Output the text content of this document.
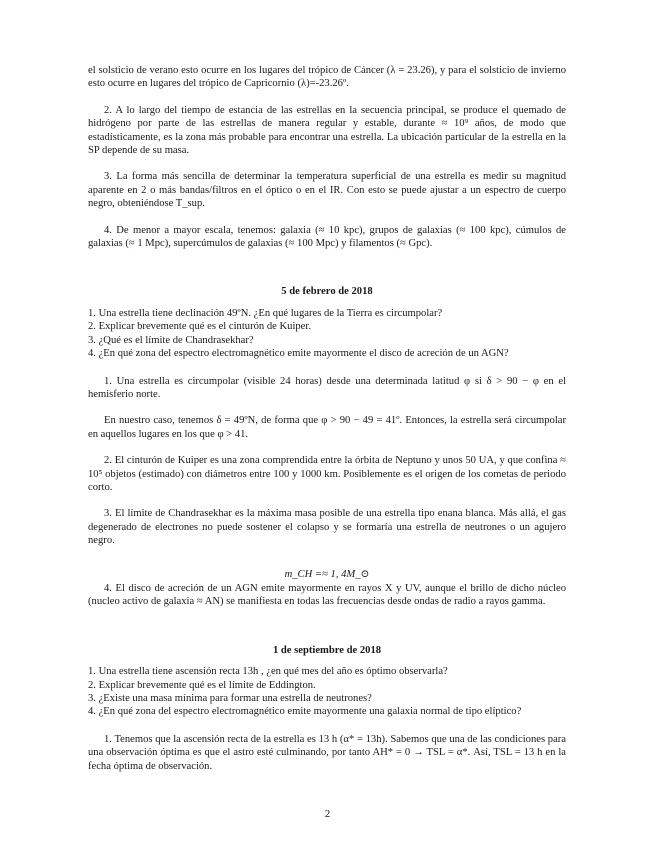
el solsticio de verano esto ocurre en los lugares del trópico de Cáncer (λ = 23.26), y para el solsticio de invierno esto ocurre en lugares del trópico de Capricornio (λ)=-23.26º.

2. A lo largo del tiempo de estancia de las estrellas en la secuencia principal, se produce el quemado de hidrógeno por parte de las estrellas de manera regular y estable, durante ≈ 10⁹ años, de modo que estadísticamente, es la zona más probable para encontrar una estrella. La ubicación particular de la estrella en la SP depende de su masa.

3. La forma más sencilla de determinar la temperatura superficial de una estrella es medir su magnitud aparente en 2 o más bandas/filtros en el óptico o en el IR. Con esto se puede ajustar a un espectro de cuerpo negro, obteniéndose T_sup.

4. De menor a mayor escala, tenemos: galaxia (≈ 10 kpc), grupos de galaxias (≈ 100 kpc), cúmulos de galaxias (≈ 1 Mpc), supercúmulos de galaxias (≈ 100 Mpc) y filamentos (≈ Gpc).

5 de febrero de 2018

1. Una estrella tiene declinación 49ºN. ¿En qué lugares de la Tierra es circumpolar?

2. Explicar brevemente qué es el cinturón de Kuiper.

3. ¿Qué es el límite de Chandrasekhar?

4. ¿En qué zona del espectro electromagnético emite mayormente el disco de acreción de un AGN?

1. Una estrella es circumpolar (visible 24 horas) desde una determinada latitud φ si δ > 90 − φ en el hemisferio norte.

En nuestro caso, tenemos δ = 49ºN, de forma que φ > 90 − 49 = 41º. Entonces, la estrella será circumpolar en aquellos lugares en los que φ > 41.

2. El cinturón de Kuiper es una zona comprendida entre la órbita de Neptuno y unos 50 UA, y que confina ≈ 10⁵ objetos (estimado) con diámetros entre 100 y 1000 km. Posiblemente es el origen de los cometas de periodo corto.

3. El límite de Chandrasekhar es la máxima masa posible de una estrella tipo enana blanca. Más allá, el gas degenerado de electrones no puede sostener el colapso y se formaría una estrella de neutrones o un agujero negro.

m_CH =≈ 1, 4M_⊙

4. El disco de acreción de un AGN emite mayormente en rayos X y UV, aunque el brillo de dicho núcleo (nucleo activo de galaxia ≈ AN) se manifiesta en todas las frecuencias desde ondas de radio a rayos gamma.

1 de septiembre de 2018

1. Una estrella tiene ascensión recta 13h , ¿en qué mes del año es óptimo observarla?

2. Explicar brevemente qué es el límite de Eddington.

3. ¿Existe una masa mínima para formar una estrella de neutrones?

4. ¿En qué zona del espectro electromagnético emite mayormente una galaxia normal de tipo elíptico?

1. Tenemos que la ascensión recta de la estrella es 13 h (α* = 13h). Sabemos que una de las condiciones para una observación óptima es que el astro esté culminando, por tanto AH* = 0 → TSL = α*. Así, TSL = 13 h en la fecha óptima de observación.

2
